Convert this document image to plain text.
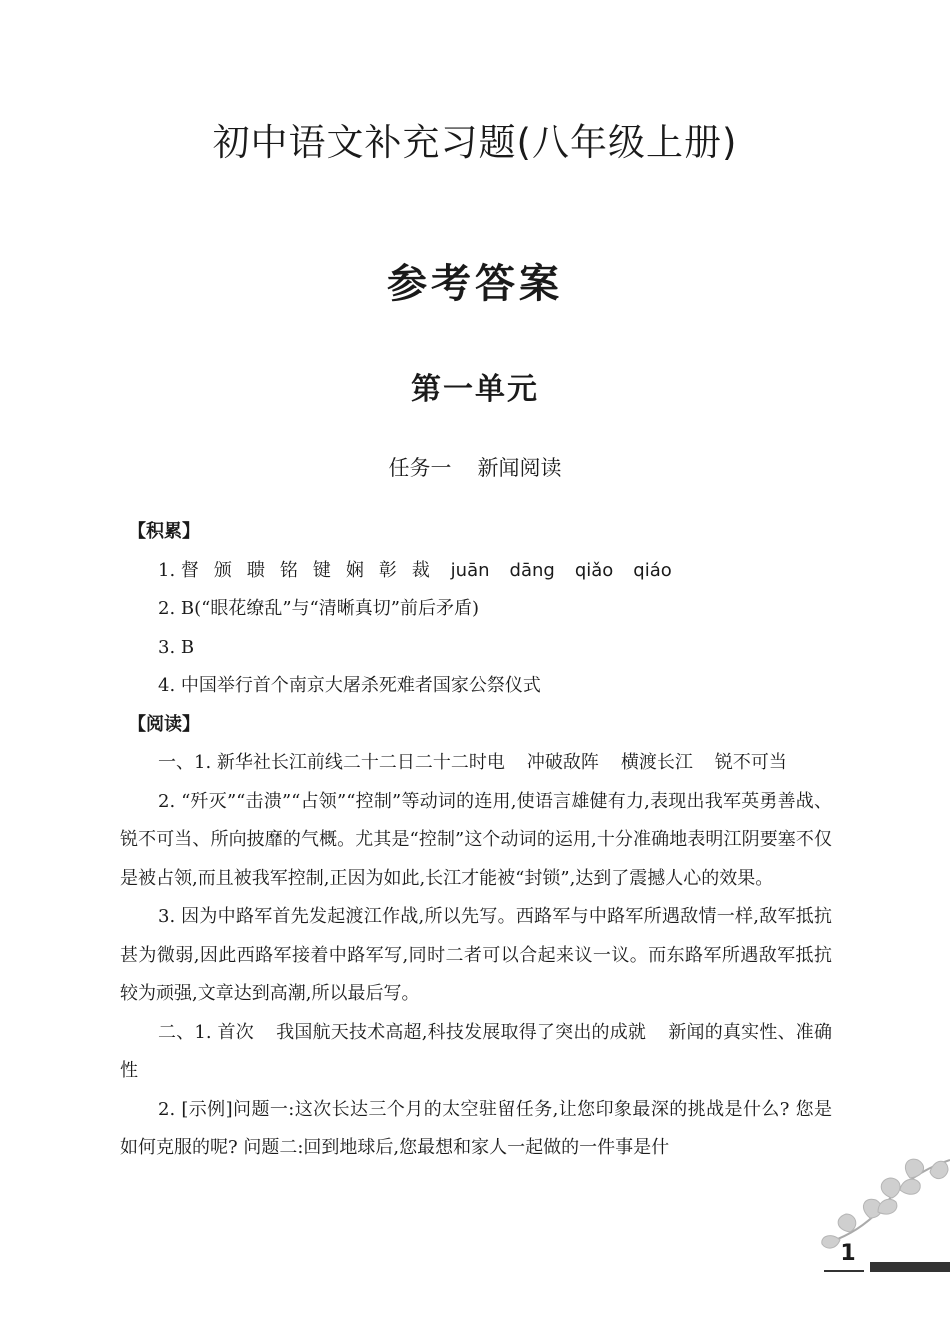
初中语文补充习题(八年级上册)
参考答案
第一单元
任务一 新闻阅读
【积累】
1. 督 颁 聩 铭 键 娴 彰 裁 juān dāng qiǎo qiáo
2. B(“眼花缭乱”与“清晰真切”前后矛盾)
3. B
4. 中国举行首个南京大屠杀死难者国家公祭仪式
【阅读】
一、1. 新华社长江前线二十二日二十二时电 冲破敌阵 横渡长江 锐不可当
2. “歼灭”“击溃”“占领”“控制”等动词的连用,使语言雄健有力,表现出我军英勇善战、锐不可当、所向披靡的气概。尤其是“控制”这个动词的运用,十分准确地表明江阴要塞不仅是被占领,而且被我军控制,正因为如此,长江才能被“封锁”,达到了震撼人心的效果。
3. 因为中路军首先发起渡江作战,所以先写。西路军与中路军所遇敌情一样,敌军抵抗甚为微弱,因此西路军接着中路军写,同时二者可以合起来议一议。而东路军所遇敌军抵抗较为顽强,文章达到高潮,所以最后写。
二、1. 首次 我国航天技术高超,科技发展取得了突出的成就 新闻的真实性、准确性
2. [示例]问题一:这次长达三个月的太空驻留任务,让您印象最深的挑战是什么? 您是如何克服的呢? 问题二:回到地球后,您最想和家人一起做的一件事是什
1
